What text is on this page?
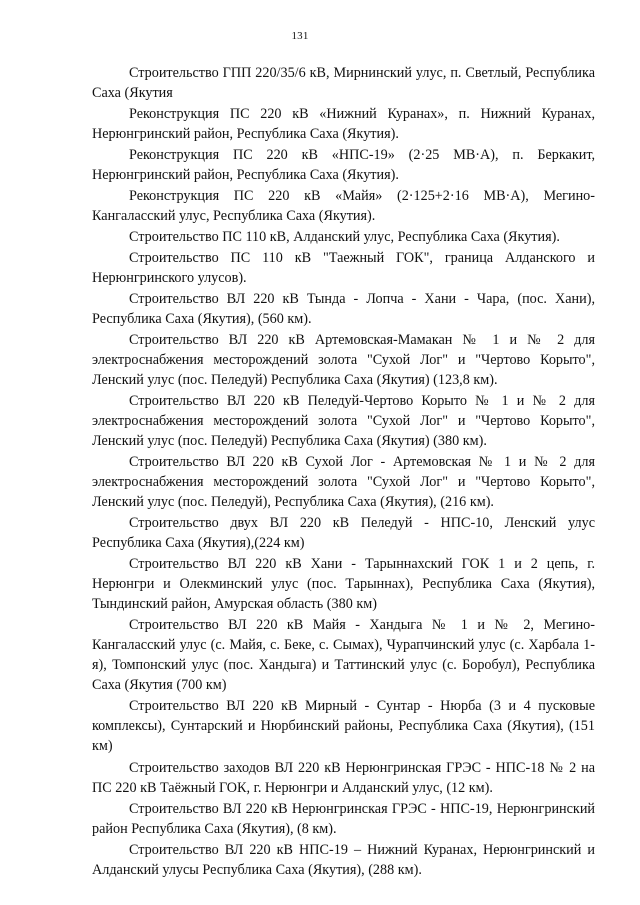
131

Строительство ГПП 220/35/6 кВ, Мирнинский улус, п. Светлый, Республика Саха (Якутия

Реконструкция ПС 220 кВ «Нижний Куранах», п. Нижний Куранах, Нерюнгринский район, Республика Саха (Якутия).

Реконструкция ПС 220 кВ «НПС-19» (2·25 МВ·А), п. Беркакит, Нерюнгринский район, Республика Саха (Якутия).

Реконструкция ПС 220 кВ «Майя» (2·125+2·16 МВ·А), Мегино-Кангаласский улус, Республика Саха (Якутия).

Строительство ПС 110 кВ, Алданский улус, Республика Саха (Якутия).

Строительство ПС 110 кВ "Таежный ГОК", граница Алданского и Нерюнгринского улусов).

Строительство ВЛ 220 кВ Тында - Лопча - Хани - Чара, (пос. Хани), Республика Саха (Якутия), (560 км).

Строительство ВЛ 220 кВ Артемовская-Мамакан № 1 и № 2 для электроснабжения месторождений золота "Сухой Лог" и "Чертово Корыто", Ленский улус (пос. Пеледуй) Республика Саха (Якутия) (123,8 км).

Строительство ВЛ 220 кВ Пеледуй-Чертово Корыто № 1 и № 2 для электроснабжения месторождений золота "Сухой Лог" и "Чертово Корыто", Ленский улус (пос. Пеледуй) Республика Саха (Якутия) (380 км).

Строительство ВЛ 220 кВ Сухой Лог - Артемовская № 1 и № 2 для электроснабжения месторождений золота "Сухой Лог" и "Чертово Корыто", Ленский улус (пос. Пеледуй), Республика Саха (Якутия), (216 км).

Строительство двух ВЛ 220 кВ Пеледуй - НПС-10, Ленский улус Республика Саха (Якутия),(224 км)

Строительство ВЛ 220 кВ Хани - Тарыннахский ГОК 1 и 2 цепь, г. Нерюнгри и Олекминский улус (пос. Тарыннах), Республика Саха (Якутия), Тындинский район, Амурская область (380 км)

Строительство ВЛ 220 кВ Майя - Хандыга № 1 и № 2, Мегино-Кангаласский улус (с. Майя, с. Беке, с. Сымах), Чурапчинский улус (с. Харбала 1-я), Томпонский улус (пос. Хандыга) и Таттинский улус (с. Боробул), Республика Саха (Якутия (700 км)

Строительство ВЛ 220 кВ Мирный - Сунтар - Нюрба (3 и 4 пусковые комплексы), Сунтарский и Нюрбинский районы, Республика Саха (Якутия), (151 км)

Строительство заходов ВЛ 220 кВ Нерюнгринская ГРЭС - НПС-18 № 2 на ПС 220 кВ Таёжный ГОК, г. Нерюнгри и Алданский улус, (12 км).

Строительство ВЛ 220 кВ Нерюнгринская ГРЭС - НПС-19, Нерюнгринский район Республика Саха (Якутия), (8 км).

Строительство ВЛ 220 кВ НПС-19 – Нижний Куранах, Нерюнгринский и Алданский улусы Республика Саха (Якутия), (288 км).
